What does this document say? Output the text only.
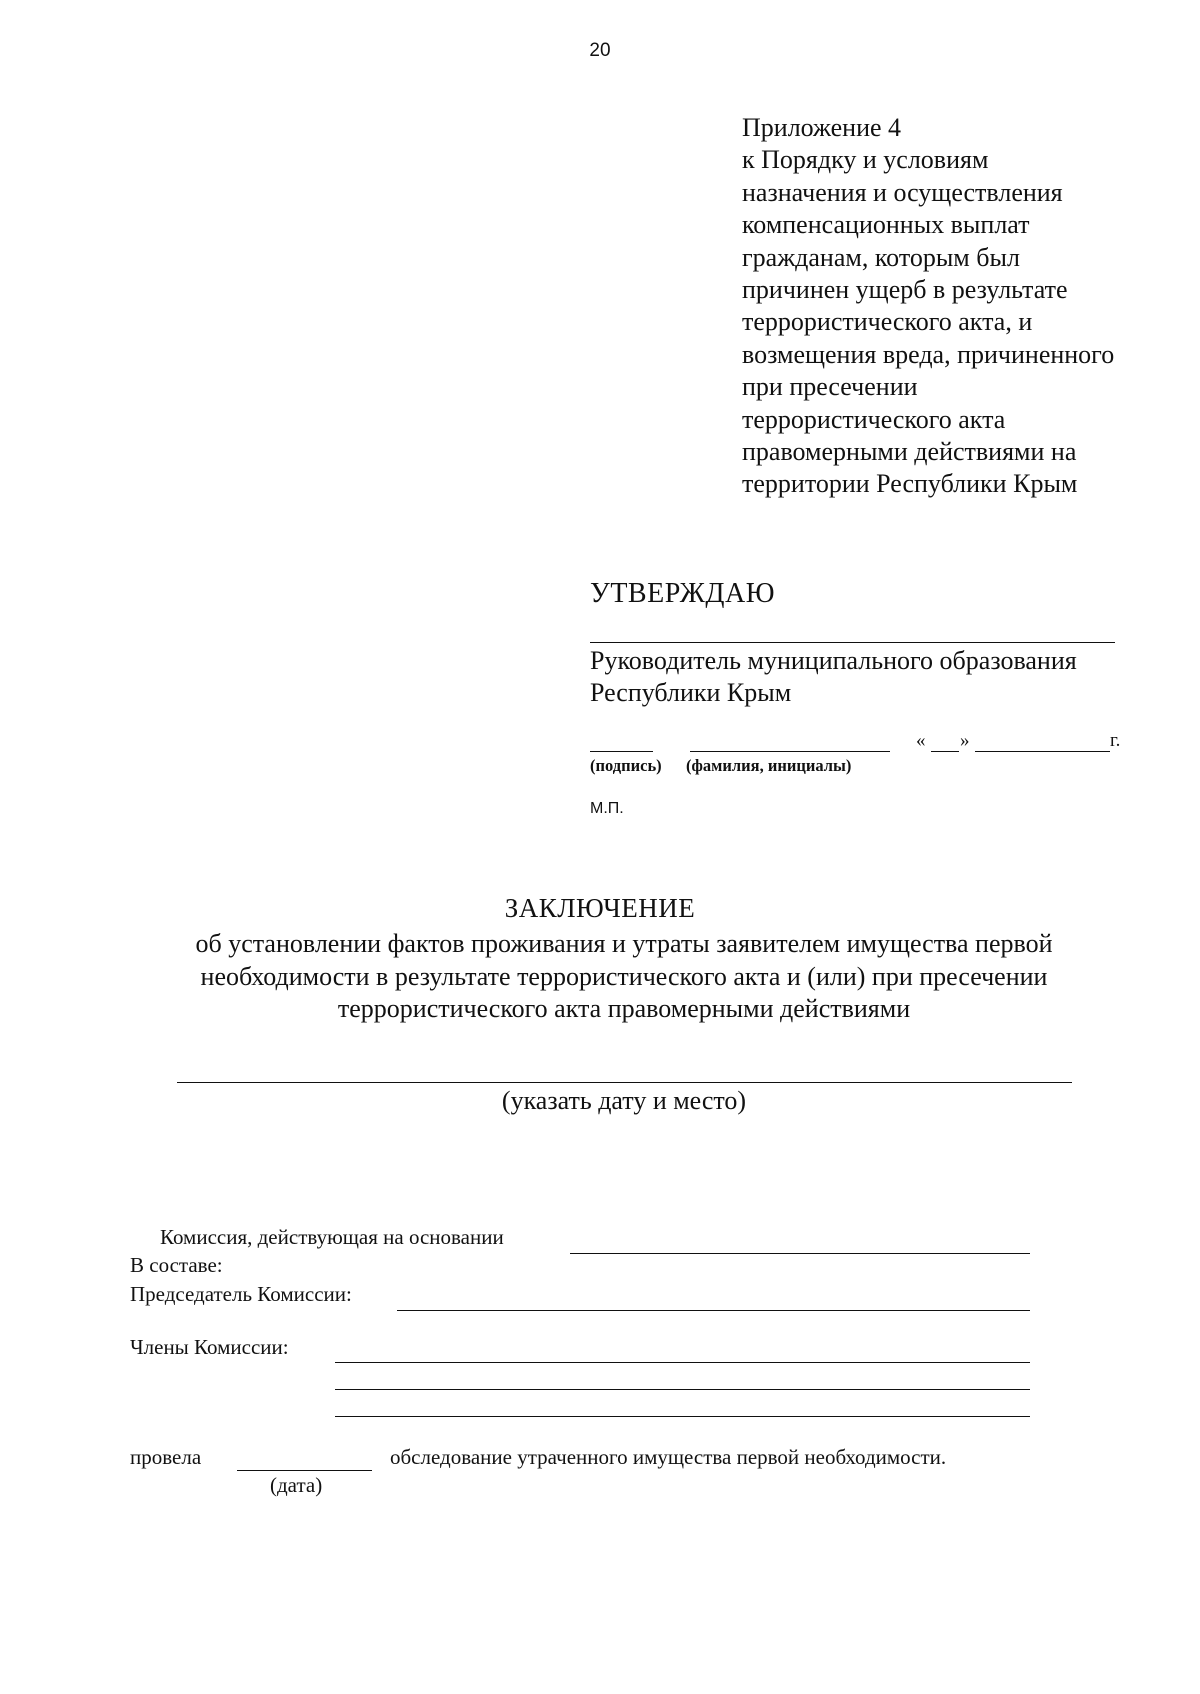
20
Приложение 4
к Порядку и условиям
назначения и осуществления
компенсационных выплат
гражданам, которым был
причинен ущерб в результате
террористического акта, и
возмещения вреда, причиненного
при пресечении
террористического акта
правомерными действиями на
территории Республики Крым
УТВЕРЖДАЮ
Руководитель муниципального образования
Республики Крым
« »	г.
(подпись) (фамилия, инициалы)
М.П.
ЗАКЛЮЧЕНИЕ
об установлении фактов проживания и утраты заявителем имущества первой
необходимости в результате террористического акта и (или) при пресечении
террористического акта правомерными действиями
(указать дату и место)
Комиссия, действующая на основании
В составе:
Председатель Комиссии:
Члены Комиссии:
провела	обследование утраченного имущества первой необходимости.
(дата)
